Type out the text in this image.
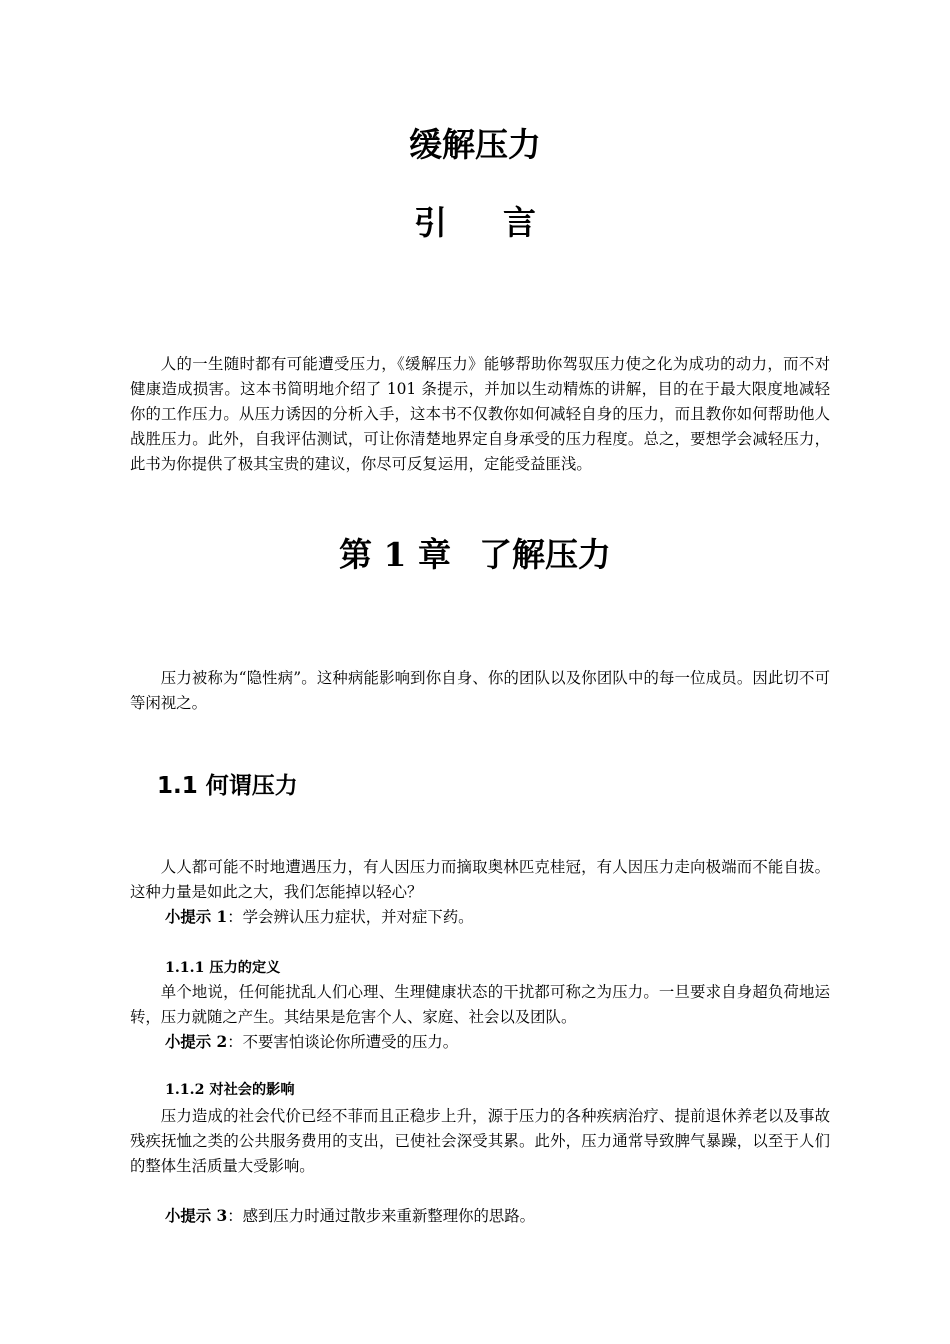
缓解压力
引 言

人的一生随时都有可能遭受压力，《缓解压力》能够帮助你驾驭压力使之化为成功的动力，而不对健康造成损害。这本书简明地介绍了 101 条提示，并加以生动精炼的讲解，目的在于最大限度地减轻你的工作压力。从压力诱因的分析入手，这本书不仅教你如何减轻自身的压力，而且教你如何帮助他人战胜压力。此外，自我评估测试，可让你清楚地界定自身承受的压力程度。总之，要想学会减轻压力，此书为你提供了极其宝贵的建议，你尽可反复运用，定能受益匪浅。

第 1 章 了解压力

压力被称为“隐性病”。这种病能影响到你自身、你的团队以及你团队中的每一位成员。因此切不可等闲视之。

1.1 何谓压力

人人都可能不时地遭遇压力，有人因压力而摘取奥林匹克桂冠，有人因压力走向极端而不能自拔。这种力量是如此之大，我们怎能掉以轻心？

小提示 1：学会辨认压力症状，并对症下药。

1.1.1 压力的定义

单个地说，任何能扰乱人们心理、生理健康状态的干扰都可称之为压力。一旦要求自身超负荷地运转，压力就随之产生。其结果是危害个人、家庭、社会以及团队。

小提示 2：不要害怕谈论你所遭受的压力。

1.1.2 对社会的影响

压力造成的社会代价已经不菲而且正稳步上升，源于压力的各种疾病治疗、提前退休养老以及事故残疾抚恤之类的公共服务费用的支出，已使社会深受其累。此外，压力通常导致脾气暴躁，以至于人们的整体生活质量大受影响。

小提示 3：感到压力时通过散步来重新整理你的思路。
